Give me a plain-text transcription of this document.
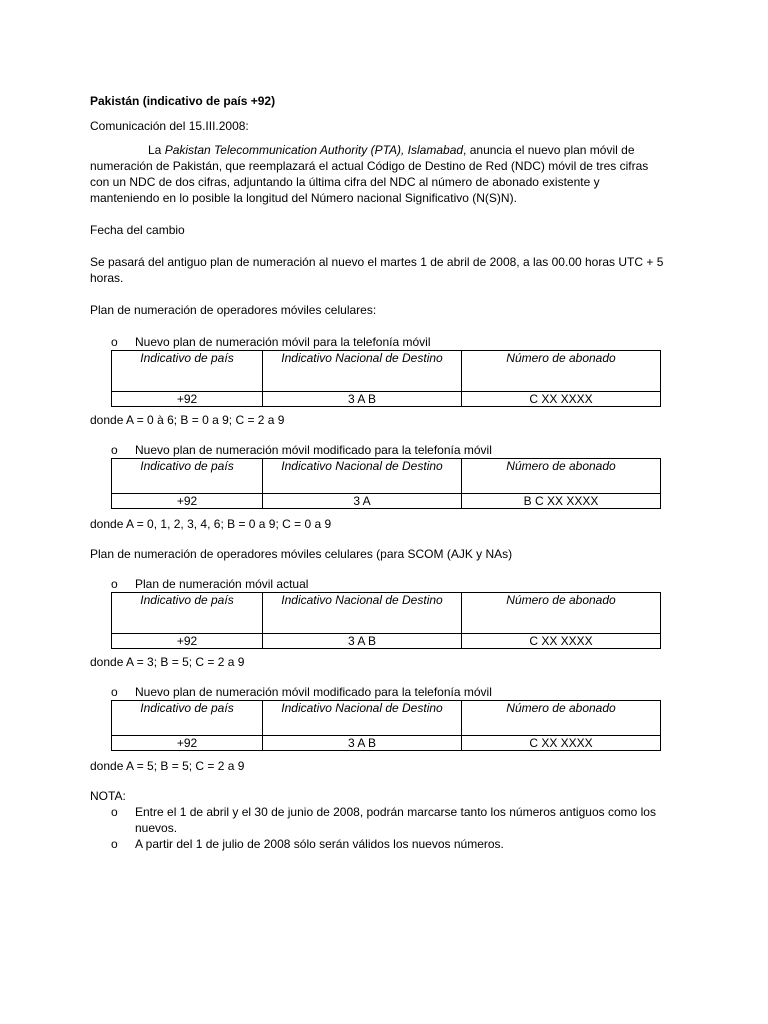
Pakistán (indicativo de país +92)

Comunicación del 15.III.2008:

La Pakistan Telecommunication Authority (PTA), Islamabad, anuncia el nuevo plan móvil de numeración de Pakistán, que reemplazará el actual Código de Destino de Red (NDC) móvil de tres cifras con un NDC de dos cifras, adjuntando la última cifra del NDC al número de abonado existente y manteniendo en lo posible la longitud del Número nacional Significativo (N(S)N).

Fecha del cambio

Se pasará del antiguo plan de numeración al nuevo el martes 1 de abril de 2008, a las 00.00 horas UTC + 5 horas.

Plan de numeración de operadores móviles celulares:

o Nuevo plan de numeración móvil para la telefonía móvil

Indicativo de país	Indicativo Nacional de Destino	Número de abonado
+92	3 A B	C XX XXXX

donde A = 0 à 6; B = 0 a 9; C = 2 a 9

o Nuevo plan de numeración móvil modificado para la telefonía móvil

Indicativo de país	Indicativo Nacional de Destino	Número de abonado
+92	3 A	B C XX XXXX

donde A = 0, 1, 2, 3, 4, 6; B = 0 a 9; C = 0 a 9

Plan de numeración de operadores móviles celulares (para SCOM (AJK y NAs)

o Plan de numeración móvil actual

Indicativo de país	Indicativo Nacional de Destino	Número de abonado
+92	3 A B	C XX XXXX

donde A = 3; B = 5; C = 2 a 9

o Nuevo plan de numeración móvil modificado para la telefonía móvil

Indicativo de país	Indicativo Nacional de Destino	Número de abonado
+92	3 A B	C XX XXXX

donde A = 5; B = 5; C = 2 a 9

NOTA:

o Entre el 1 de abril y el 30 de junio de 2008, podrán marcarse tanto los números antiguos como los nuevos.

o A partir del 1 de julio de 2008 sólo serán válidos los nuevos números.
